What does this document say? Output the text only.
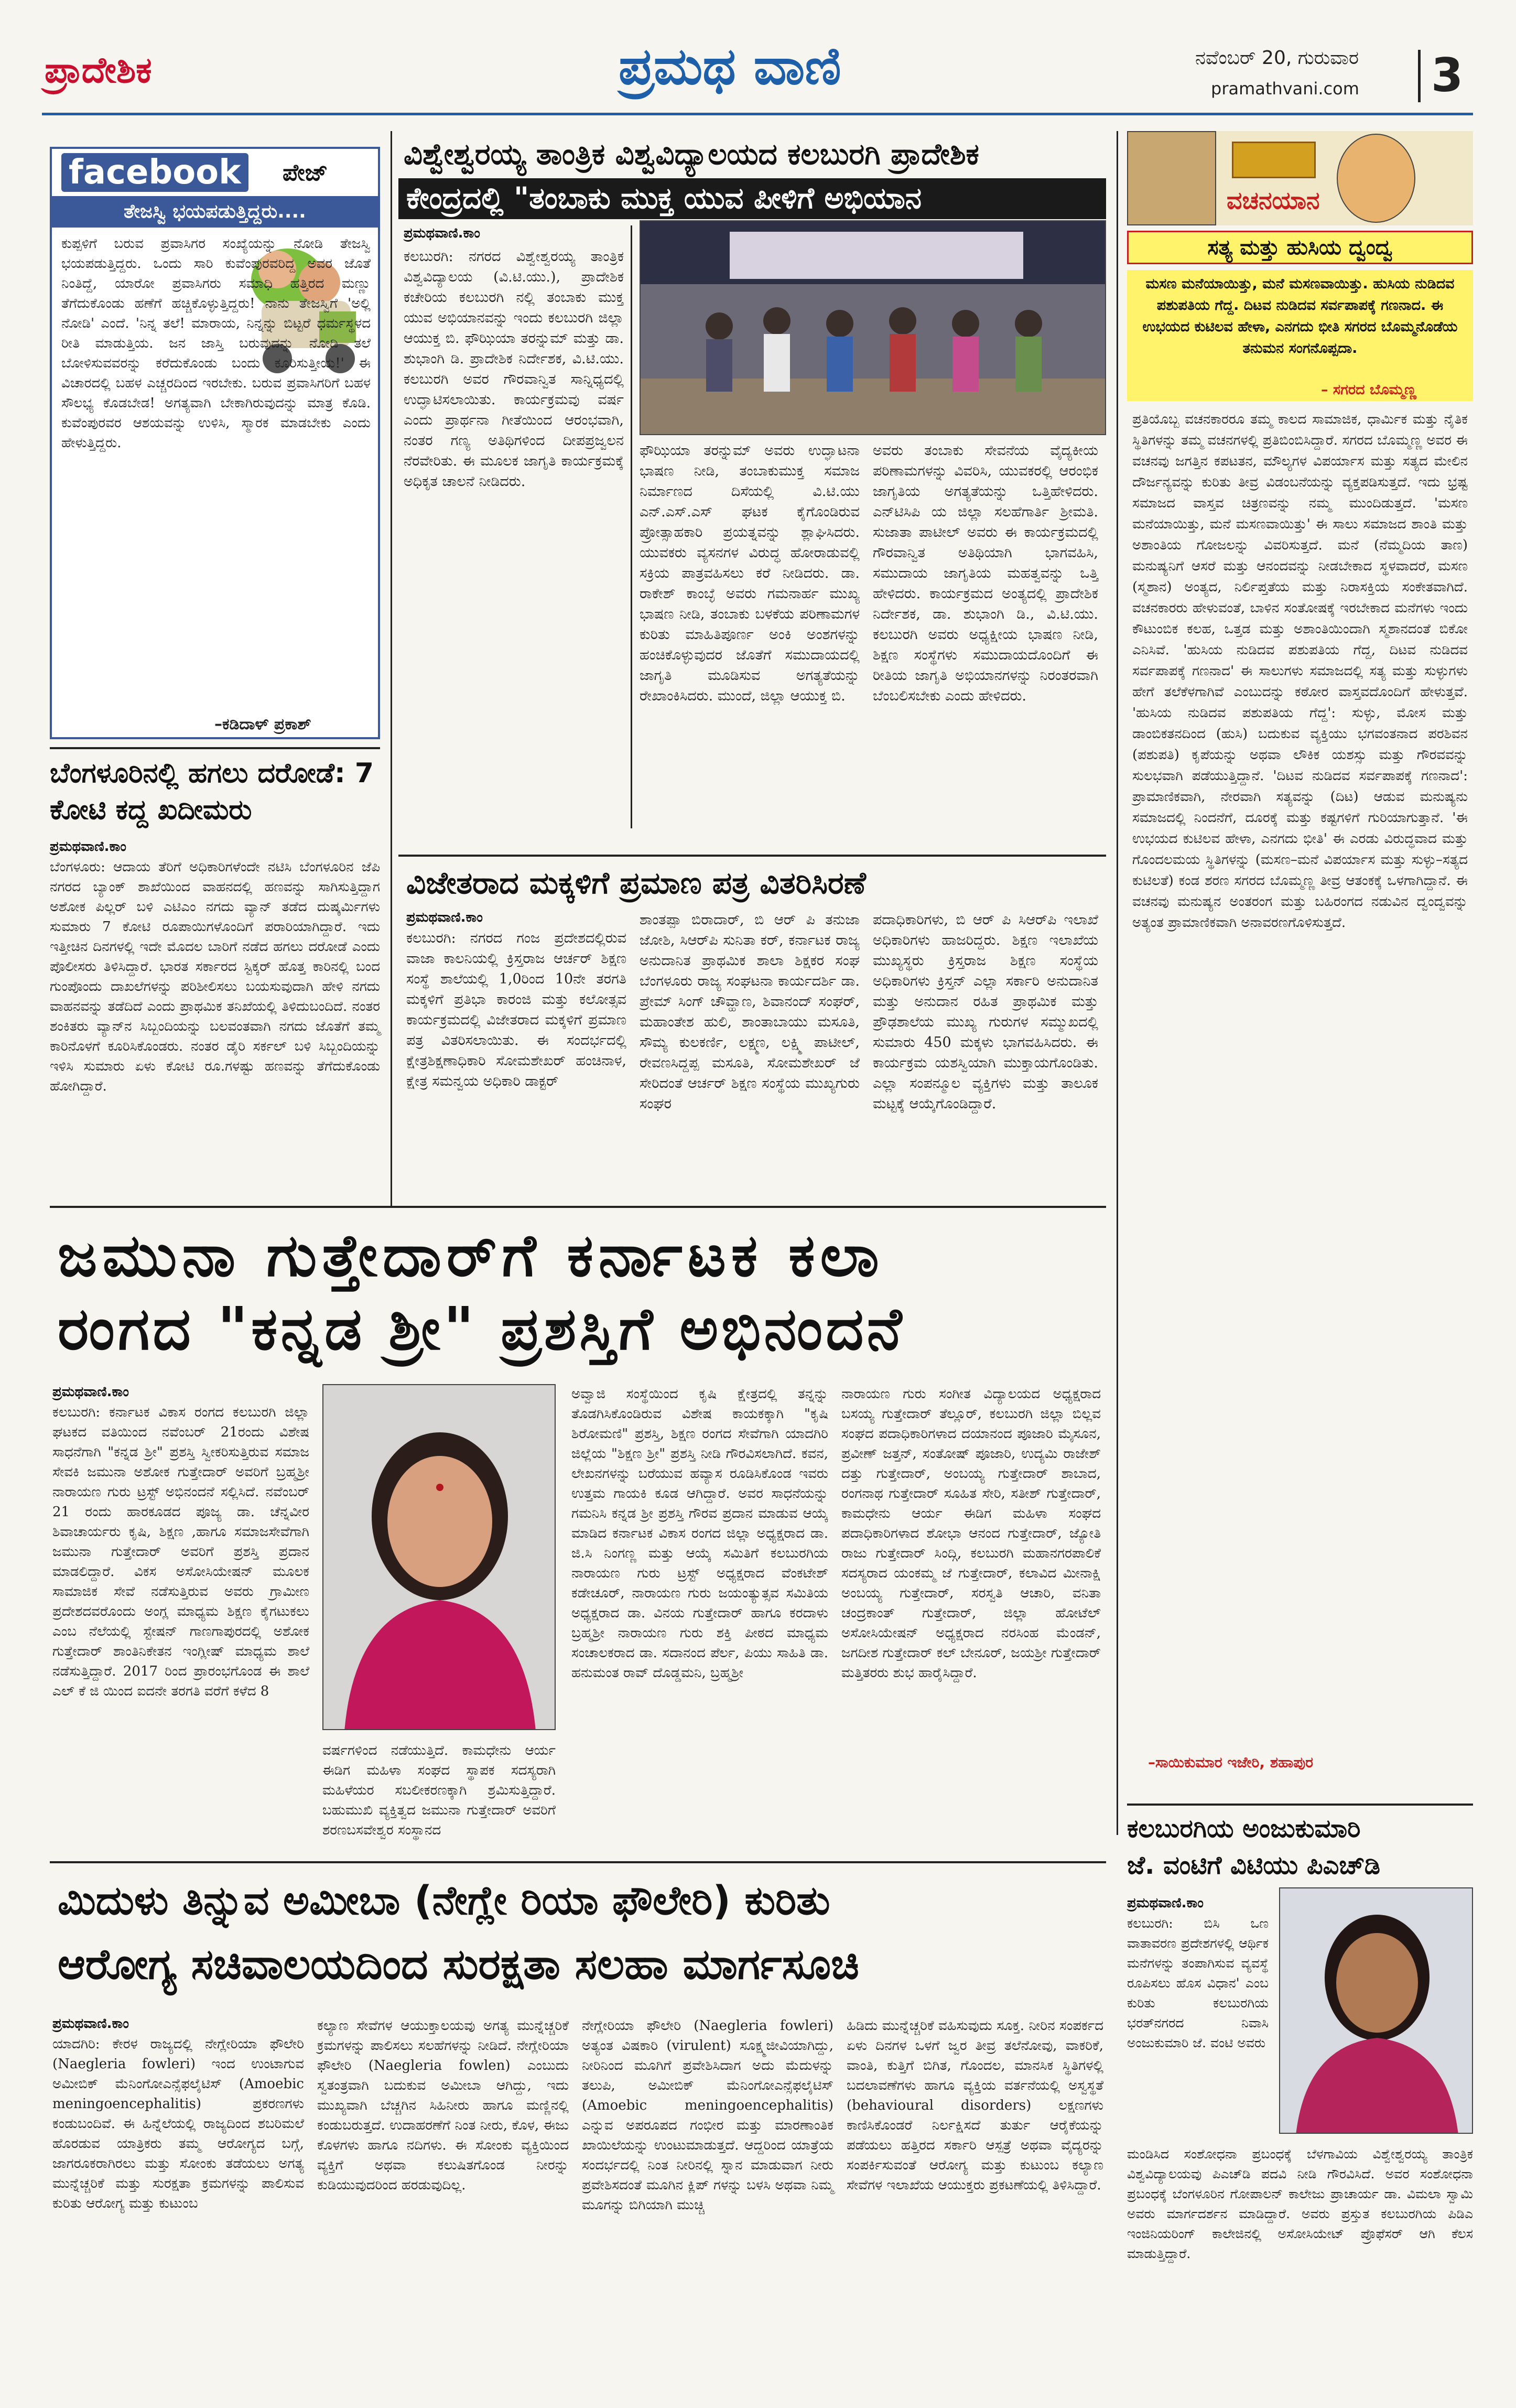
ಪ್ರಾದೇಶಿಕ	ಪ್ರಮಥ ವಾಣಿ	ನವೆಂಬರ್ 20, ಗುರುವಾರ
pramathvani.com 3
facebook	ಪೇಜ್
ತೇಜಸ್ವಿ ಭಯಪಡುತ್ತಿದ್ದರು....
ಕುಪ್ಪಳಿಗೆ ಬರುವ ಪ್ರವಾಸಿಗರ ಸಂಖ್ಯೆಯನ್ನು ನೋಡಿ ತೇಜಸ್ವಿ ಭಯಪಡುತ್ತಿದ್ದರು. ಒಂದು ಸಾರಿ ಕುವೆಂಪುರವರಿದ್ದ ಅವರ ಜೊತೆ ನಿಂತಿದ್ದೆ, ಯಾರೋ ಪ್ರವಾಸಿಗರು ಸಮಾಧಿ ಹತ್ತಿರದ ಮಣ್ಣು ತೆಗೆದುಕೊಂಡು ಹಣೆಗೆ ಹಚ್ಚಿಕೊಳ್ಳುತ್ತಿದ್ದರು! ನಾನು ತೇಜಸ್ವಿಗೆ 'ಅಲ್ಲಿ ನೋಡಿ' ಎಂದೆ. 'ನಿನ್ನ ತಲೆ! ಮಾರಾಯ, ನಿನ್ನನ್ನು ಬಿಟ್ಟರೆ ಧರ್ಮಸ್ಥಳದ ರೀತಿ ಮಾಡುತ್ತಿಯ. ಜನ ಜಾಸ್ತಿ ಬರುವುದನ್ನು ನೋಡಿ ತಲೆ ಬೋಳಿಸುವವರನ್ನು ಕರೆದುಕೊಂಡು ಬಂದು ಕೂರಿಸುತ್ತೀಯ!' ಈ ವಿಚಾರದಲ್ಲಿ ಬಹಳ ಎಚ್ಚರದಿಂದ ಇರಬೇಕು. ಬರುವ ಪ್ರವಾಸಿಗರಿಗೆ ಬಹಳ ಸೌಲಭ್ಯ ಕೊಡಬೇಡ! ಅಗತ್ಯವಾಗಿ ಬೇಕಾಗಿರುವುದನ್ನು ಮಾತ್ರ ಕೊಡಿ. ಕುವೆಂಪುರವರ ಆಶಯವನ್ನು ಉಳಿಸಿ, ಸ್ಮಾರಕ ಮಾಡಬೇಕು ಎಂದು ಹೇಳುತ್ತಿದ್ದರು.
–ಕಡಿದಾಳ್ ಪ್ರಕಾಶ್
ವಿಶ್ವೇಶ್ವರಯ್ಯ ತಾಂತ್ರಿಕ ವಿಶ್ವವಿದ್ಯಾಲಯದ ಕಲಬುರಗಿ ಪ್ರಾದೇಶಿಕ
ಕೇಂದ್ರದಲ್ಲಿ "ತಂಬಾಕು ಮುಕ್ತ ಯುವ ಪೀಳಿಗೆ ಅಭಿಯಾನ
ಪ್ರಮಥವಾಣಿ.ಕಾಂ
ಕಲಬುರಗಿ: ನಗರದ ವಿಶ್ವೇಶ್ವರಯ್ಯ ತಾಂತ್ರಿಕ ವಿಶ್ವವಿದ್ಯಾಲಯ (ವಿ.ಟಿ.ಯು.), ಪ್ರಾದೇಶಿಕ ಕಚೇರಿಯ ಕಲಬುರಗಿ ನಲ್ಲಿ ತಂಬಾಕು ಮುಕ್ತ ಯುವ ಅಭಿಯಾನವನ್ನು ಇಂದು ಕಲಬುರಗಿ ಜಿಲ್ಲಾ ಆಯುಕ್ತ ಬಿ. ಫೌಝಿಯಾ ತರನ್ನುಮ್ ಮತ್ತು ಡಾ. ಶುಭಾಂಗಿ ಡಿ. ಪ್ರಾದೇಶಿಕ ನಿರ್ದೇಶಕ, ವಿ.ಟಿ.ಯು. ಕಲಬುರಗಿ ಅವರ ಗೌರವಾನ್ವಿತ ಸಾನ್ನಿಧ್ಯದಲ್ಲಿ ಉದ್ಘಾಟಿಸಲಾಯಿತು. ಕಾರ್ಯಕ್ರಮವು ವರ್ಷ ಎಂದು ಪ್ರಾರ್ಥನಾ ಗೀತೆಯಿಂದ ಆರಂಭವಾಗಿ, ನಂತರ ಗಣ್ಯ ಅತಿಥಿಗಳಿಂದ ದೀಪಪ್ರಜ್ವಲನ ನೆರವೇರಿತು. ಈ ಮೂಲಕ ಜಾಗೃತಿ ಕಾರ್ಯಕ್ರಮಕ್ಕೆ ಅಧಿಕೃತ ಚಾಲನೆ ನೀಡಿದರು.
ಫೌಝಿಯಾ ತರನ್ನುಮ್ ಅವರು ಉದ್ಘಾಟನಾ ಭಾಷಣ ನೀಡಿ, ತಂಬಾಕುಮುಕ್ತ ಸಮಾಜ ನಿರ್ಮಾಣದ ದಿಸೆಯಲ್ಲಿ ವಿ.ಟಿ.ಯು ಎನ್.ಎಸ್.ಎಸ್ ಘಟಕ ಕೈಗೊಂಡಿರುವ ಪ್ರೋತ್ಸಾಹಕಾರಿ ಪ್ರಯತ್ನವನ್ನು ಶ್ಲಾಘಿಸಿದರು. ಯುವಕರು ವ್ಯಸನಗಳ ವಿರುದ್ಧ ಹೋರಾಡುವಲ್ಲಿ ಸಕ್ರಿಯ ಪಾತ್ರವಹಿಸಲು ಕರೆ ನೀಡಿದರು. ಡಾ. ರಾಕೇಶ್ ಕಾಂಬ್ಳೆ ಅವರು ಗಮನಾರ್ಹ ಮುಖ್ಯ ಭಾಷಣ ನೀಡಿ, ತಂಬಾಕು ಬಳಕೆಯ ಪರಿಣಾಮಗಳ ಕುರಿತು ಮಾಹಿತಿಪೂರ್ಣ ಅಂಕಿ ಅಂಶಗಳನ್ನು ಹಂಚಿಕೊಳ್ಳುವುದರ ಜೊತೆಗೆ ಸಮುದಾಯದಲ್ಲಿ ಜಾಗೃತಿ ಮೂಡಿಸುವ ಅಗತ್ಯತೆಯನ್ನು ರೇಖಾಂಕಿಸಿದರು. ಮುಂದೆ, ಜಿಲ್ಲಾ ಆಯುಕ್ತ ಬಿ.
ಅವರು ತಂಬಾಕು ಸೇವನೆಯ ವೈದ್ಯಕೀಯ ಪರಿಣಾಮಗಳನ್ನು ವಿವರಿಸಿ, ಯುವಕರಲ್ಲಿ ಆರಂಭಿಕ ಜಾಗೃತಿಯ ಅಗತ್ಯತೆಯನ್ನು ಒತ್ತಿಹೇಳಿದರು. ಎನ್‌ಟಿಸಿಪಿ ಯ ಜಿಲ್ಲಾ ಸಲಹೆಗಾರ್ತಿ ಶ್ರೀಮತಿ. ಸುಜಾತಾ ಪಾಟೀಲ್ ಅವರು ಈ ಕಾರ್ಯಕ್ರಮದಲ್ಲಿ ಗೌರವಾನ್ವಿತ ಅತಿಥಿಯಾಗಿ ಭಾಗವಹಿಸಿ, ಸಮುದಾಯ ಜಾಗೃತಿಯ ಮಹತ್ವವನ್ನು ಒತ್ತಿ ಹೇಳಿದರು. ಕಾರ್ಯಕ್ರಮದ ಅಂತ್ಯದಲ್ಲಿ ಪ್ರಾದೇಶಿಕ ನಿರ್ದೇಶಕ, ಡಾ. ಶುಭಾಂಗಿ ಡಿ., ವಿ.ಟಿ.ಯು. ಕಲಬುರಗಿ ಅವರು ಅಧ್ಯಕ್ಷೀಯ ಭಾಷಣ ನೀಡಿ, ಶಿಕ್ಷಣ ಸಂಸ್ಥೆಗಳು ಸಮುದಾಯದೊಂದಿಗೆ ಈ ರೀತಿಯ ಜಾಗೃತಿ ಅಭಿಯಾನಗಳನ್ನು ನಿರಂತರವಾಗಿ ಬೆಂಬಲಿಸಬೇಕು ಎಂದು ಹೇಳಿದರು.
ವಚನಯಾನ
ಸತ್ಯ ಮತ್ತು ಹುಸಿಯ ದ್ವಂದ್ವ
ಮಸಣ ಮನೆಯಾಯಿತ್ತು, ಮನೆ ಮಸಣವಾಯಿತ್ತು. ಹುಸಿಯ ನುಡಿದವ ಪಶುಪತಿಯ ಗೆದ್ದ. ದಿಟವ ನುಡಿದವ ಸರ್ವಪಾಪಕ್ಕೆ ಗಣನಾದ. ಈ ಉಭಯದ ಕುಟಿಲವ ಹೇಳಾ, ಎನಗದು ಭೀತಿ ಸಗರದ ಬೊಮ್ಮನೊಡೆಯ ತನುಮನ ಸಂಗನೊಪ್ಪದಾ.
– ಸಗರದ ಬೊಮ್ಮಣ್ಣ
ಪ್ರತಿಯೊಬ್ಬ ವಚನಕಾರರೂ ತಮ್ಮ ಕಾಲದ ಸಾಮಾಜಿಕ, ಧಾರ್ಮಿಕ ಮತ್ತು ನೈತಿಕ ಸ್ಥಿತಿಗಳನ್ನು ತಮ್ಮ ವಚನಗಳಲ್ಲಿ ಪ್ರತಿಬಿಂಬಿಸಿದ್ದಾರೆ. ಸಗರದ ಬೊಮ್ಮಣ್ಣ ಅವರ ಈ ವಚನವು ಜಗತ್ತಿನ ಕಪಟತನ, ಮೌಲ್ಯಗಳ ವಿಪರ್ಯಾಸ ಮತ್ತು ಸತ್ಯದ ಮೇಲಿನ ದೌರ್ಜನ್ಯವನ್ನು ಕುರಿತು ತೀವ್ರ ವಿಡಂಬನೆಯನ್ನು ವ್ಯಕ್ತಪಡಿಸುತ್ತದೆ. ಇದು ಭ್ರಷ್ಟ ಸಮಾಜದ ವಾಸ್ತವ ಚಿತ್ರಣವನ್ನು ನಮ್ಮ ಮುಂದಿಡುತ್ತದೆ. 'ಮಸಣ ಮನೆಯಾಯಿತ್ತು, ಮನೆ ಮಸಣವಾಯಿತ್ತು' ಈ ಸಾಲು ಸಮಾಜದ ಶಾಂತಿ ಮತ್ತು ಅಶಾಂತಿಯ ಗೋಜಲನ್ನು ವಿವರಿಸುತ್ತದೆ. ಮನೆ (ನೆಮ್ಮದಿಯ ತಾಣ) ಮನುಷ್ಯನಿಗೆ ಆಸರೆ ಮತ್ತು ಆನಂದವನ್ನು ನೀಡಬೇಕಾದ ಸ್ಥಳವಾದರೆ, ಮಸಣ (ಸ್ಮಶಾನ) ಅಂತ್ಯದ, ನಿರ್ಲಿಪ್ತತೆಯ ಮತ್ತು ನಿರಾಸಕ್ತಿಯ ಸಂಕೇತವಾಗಿದೆ. ವಚನಕಾರರು ಹೇಳುವಂತೆ, ಬಾಳಿನ ಸಂತೋಷಕ್ಕೆ ಇರಬೇಕಾದ ಮನೆಗಳು ಇಂದು ಕೌಟುಂಬಿಕ ಕಲಹ, ಒತ್ತಡ ಮತ್ತು ಅಶಾಂತಿಯಿಂದಾಗಿ ಸ್ಮಶಾನದಂತೆ ಬಿಕೋ ಎನಿಸಿವೆ. 'ಹುಸಿಯ ನುಡಿದವ ಪಶುಪತಿಯ ಗೆದ್ದ, ದಿಟವ ನುಡಿದವ ಸರ್ವಪಾಪಕ್ಕೆ ಗಣನಾದ' ಈ ಸಾಲುಗಳು ಸಮಾಜದಲ್ಲಿ ಸತ್ಯ ಮತ್ತು ಸುಳ್ಳುಗಳು ಹೇಗೆ ತಲೆಕೆಳಗಾಗಿವೆ ಎಂಬುದನ್ನು ಕಠೋರ ವಾಸ್ತವದೊಂದಿಗೆ ಹೇಳುತ್ತವೆ. 'ಹುಸಿಯ ನುಡಿದವ ಪಶುಪತಿಯ ಗೆದ್ದ': ಸುಳ್ಳು, ಮೋಸ ಮತ್ತು ಡಾಂಬಿಕತನದಿಂದ (ಹುಸಿ) ಬದುಕುವ ವ್ಯಕ್ತಿಯು ಭಗವಂತನಾದ ಪರಶಿವನ (ಪಶುಪತಿ) ಕೃಪೆಯನ್ನು ಅಥವಾ ಲೌಕಿಕ ಯಶಸ್ಸು ಮತ್ತು ಗೌರವವನ್ನು ಸುಲಭವಾಗಿ ಪಡೆಯುತ್ತಿದ್ದಾನೆ. 'ದಿಟವ ನುಡಿದವ ಸರ್ವಪಾಪಕ್ಕೆ ಗಣನಾದ': ಪ್ರಾಮಾಣಿಕವಾಗಿ, ನೇರವಾಗಿ ಸತ್ಯವನ್ನು (ದಿಟ) ಆಡುವ ಮನುಷ್ಯನು ಸಮಾಜದಲ್ಲಿ ನಿಂದನೆಗೆ, ದೂರಕ್ಕೆ ಮತ್ತು ಕಷ್ಟಗಳಿಗೆ ಗುರಿಯಾಗುತ್ತಾನೆ. 'ಈ ಉಭಯದ ಕುಟಿಲವ ಹೇಳಾ, ಎನಗದು ಭೀತಿ' ಈ ಎರಡು ವಿರುದ್ಧವಾದ ಮತ್ತು ಗೊಂದಲಮಯ ಸ್ಥಿತಿಗಳನ್ನು (ಮಸಣ–ಮನೆ ವಿಪರ್ಯಾಸ ಮತ್ತು ಸುಳ್ಳು–ಸತ್ಯದ ಕುಟಿಲತೆ) ಕಂಡ ಶರಣ ಸಗರದ ಬೊಮ್ಮಣ್ಣ ತೀವ್ರ ಆತಂಕಕ್ಕೆ ಒಳಗಾಗಿದ್ದಾನೆ. ಈ ವಚನವು ಮನುಷ್ಯನ ಅಂತರಂಗ ಮತ್ತು ಬಹಿರಂಗದ ನಡುವಿನ ದ್ವಂದ್ವವನ್ನು ಅತ್ಯಂತ ಪ್ರಾಮಾಣಿಕವಾಗಿ ಅನಾವರಣಗೊಳಿಸುತ್ತದೆ.
–ಸಾಯಿಕುಮಾರ ಇಜೇರಿ, ಶಹಾಪುರ
ಬೆಂಗಳೂರಿನಲ್ಲಿ ಹಗಲು ದರೋಡೆ: 7 ಕೋಟಿ ಕದ್ದ ಖದೀಮರು
ಪ್ರಮಥವಾಣಿ.ಕಾಂ
ಬೆಂಗಳೂರು: ಆದಾಯ ತೆರಿಗೆ ಅಧಿಕಾರಿಗಳೆಂದೇ ನಟಿಸಿ ಬೆಂಗಳೂರಿನ ಜೆಪಿ ನಗರದ ಬ್ಯಾಂಕ್ ಶಾಖೆಯಿಂದ ವಾಹನದಲ್ಲಿ ಹಣವನ್ನು ಸಾಗಿಸುತ್ತಿದ್ದಾಗ ಅಶೋಕ ಪಿಲ್ಲರ್ ಬಳಿ ಎಟಿಎಂ ನಗದು ವ್ಯಾನ್ ತಡೆದ ದುಷ್ಕರ್ಮಿಗಳು ಸುಮಾರು 7 ಕೋಟಿ ರೂಪಾಯಿಗಳೊಂದಿಗೆ ಪರಾರಿಯಾಗಿದ್ದಾರೆ. ಇದು ಇತ್ತೀಚಿನ ದಿನಗಳಲ್ಲಿ ಇದೇ ಮೊದಲ ಬಾರಿಗೆ ನಡೆದ ಹಗಲು ದರೋಡೆ ಎಂದು ಪೊಲೀಸರು ತಿಳಿಸಿದ್ದಾರೆ. ಭಾರತ ಸರ್ಕಾರದ ಸ್ಟಿಕ್ಕರ್ ಹೊತ್ತ ಕಾರಿನಲ್ಲಿ ಬಂದ ಗುಂಪೊಂದು ದಾಖಲೆಗಳನ್ನು ಪರಿಶೀಲಿಸಲು ಬಯಸುವುದಾಗಿ ಹೇಳಿ ನಗದು ವಾಹನವನ್ನು ತಡೆದಿದೆ ಎಂದು ಪ್ರಾಥಮಿಕ ತನಿಖೆಯಲ್ಲಿ ತಿಳಿದುಬಂದಿದೆ. ನಂತರ ಶಂಕಿತರು ವ್ಯಾನ್‌ನ ಸಿಬ್ಬಂದಿಯನ್ನು ಬಲವಂತವಾಗಿ ನಗದು ಜೊತೆಗೆ ತಮ್ಮ ಕಾರಿನೊಳಗೆ ಕೂರಿಸಿಕೊಂಡರು. ನಂತರ ಡೈರಿ ಸರ್ಕಲ್ ಬಳಿ ಸಿಬ್ಬಂದಿಯನ್ನು ಇಳಿಸಿ ಸುಮಾರು ಏಳು ಕೋಟಿ ರೂ.ಗಳಷ್ಟು ಹಣವನ್ನು ತೆಗೆದುಕೊಂಡು ಹೋಗಿದ್ದಾರೆ.
ವಿಜೇತರಾದ ಮಕ್ಕಳಿಗೆ ಪ್ರಮಾಣ ಪತ್ರ ವಿತರಿಸಿರಣೆ
ಪ್ರಮಥವಾಣಿ.ಕಾಂ
ಕಲಬುರಗಿ: ನಗರದ ಗಂಜ ಪ್ರದೇಶದಲ್ಲಿರುವ ವಾಜಾ ಕಾಲನಿಯಲ್ಲಿ ಕ್ರಿಸ್ತರಾಜ ಆರ್ಚರ್ ಶಿಕ್ಷಣ ಸಂಸ್ಥೆ ಶಾಲೆಯಲ್ಲಿ 1,0ರಿಂದ 10ನೇ ತರಗತಿ ಮಕ್ಕಳಿಗೆ ಪ್ರತಿಭಾ ಕಾರಂಜಿ ಮತ್ತು ಕಲೋತ್ಸವ ಕಾರ್ಯಕ್ರಮದಲ್ಲಿ ವಿಜೇತರಾದ ಮಕ್ಕಳಿಗೆ ಪ್ರಮಾಣ ಪತ್ರ ವಿತರಿಸಲಾಯಿತು. ಈ ಸಂದರ್ಭದಲ್ಲಿ ಕ್ಷೇತ್ರಶಿಕ್ಷಣಾಧಿಕಾರಿ ಸೋಮಶೇಖರ್ ಹಂಚಿನಾಳ, ಕ್ಷೇತ್ರ ಸಮನ್ವಯ ಅಧಿಕಾರಿ ಡಾಕ್ಟರ್
ಶಾಂತಪ್ಪಾ ಬಿರಾದಾರ್, ಬಿ ಆರ್ ಪಿ ತನುಜಾ ಜೋಶಿ, ಸಿಆರ್‌ಪಿ ಸುನಿತಾ ಕರ್, ಕರ್ನಾಟಕ ರಾಜ್ಯ ಅನುದಾನಿತ ಪ್ರಾಥಮಿಕ ಶಾಲಾ ಶಿಕ್ಷಕರ ಸಂಘ ಬೆಂಗಳೂರು ರಾಜ್ಯ ಸಂಘಟನಾ ಕಾರ್ಯದರ್ಶಿ ಡಾ. ಪ್ರೇಮ್ ಸಿಂಗ್ ಚೌವ್ಹಾಣ, ಶಿವಾನಂದ್ ಸಂಘರ್, ಮಹಾಂತೇಶ ಹುಲಿ, ಶಾಂತಾಬಾಯು ಮಸೂತಿ, ಸೌಮ್ಯ ಕುಲಕರ್ಣಿ, ಲಕ್ಷ್ಮಣ, ಲಕ್ಷ್ಮಿ ಪಾಟೀಲ್, ರೇವಣಸಿದ್ದಪ್ಪ ಮಸೂತಿ, ಸೋಮಶೇಖರ್ ಜೆ ಸೇರಿದಂತೆ ಆರ್ಚರ್ ಶಿಕ್ಷಣ ಸಂಸ್ಥೆಯ ಮುಖ್ಯಗುರು ಸಂಘರ
ಪದಾಧಿಕಾರಿಗಳು, ಬಿ ಆರ್ ಪಿ ಸಿಆರ್‌ಪಿ ಇಲಾಖೆ ಅಧಿಕಾರಿಗಳು ಹಾಜರಿದ್ದರು. ಶಿಕ್ಷಣ ಇಲಾಖೆಯ ಮುಖ್ಯಸ್ಥರು ಕ್ರಿಸ್ತರಾಜ ಶಿಕ್ಷಣ ಸಂಸ್ಥೆಯ ಅಧಿಕಾರಿಗಳು ಕ್ರಿಸ್ತನ್ ಎಲ್ಲಾ ಸರ್ಕಾರಿ ಅನುದಾನಿತ ಮತ್ತು ಅನುದಾನ ರಹಿತ ಪ್ರಾಥಮಿಕ ಮತ್ತು ಪ್ರೌಢಶಾಲೆಯ ಮುಖ್ಯ ಗುರುಗಳ ಸಮ್ಮುಖದಲ್ಲಿ ಸುಮಾರು 450 ಮಕ್ಕಳು ಭಾಗವಹಿಸಿದರು. ಈ ಕಾರ್ಯಕ್ರಮ ಯಶಸ್ವಿಯಾಗಿ ಮುಕ್ತಾಯಗೊಂಡಿತು. ಎಲ್ಲಾ ಸಂಪನ್ಮೂಲ ವ್ಯಕ್ತಿಗಳು ಮತ್ತು ತಾಲೂಕ ಮಟ್ಟಕ್ಕೆ ಆಯ್ಕೆಗೊಂಡಿದ್ದಾರೆ.
ಜಮುನಾ ಗುತ್ತೇದಾರ್‌ಗೆ ಕರ್ನಾಟಕ ಕಲಾ
ರಂಗದ "ಕನ್ನಡ ಶ್ರೀ" ಪ್ರಶಸ್ತಿಗೆ ಅಭಿನಂದನೆ
ಪ್ರಮಥವಾಣಿ.ಕಾಂ
ಕಲಬುರಗಿ: ಕರ್ನಾಟಕ ವಿಕಾಸ ರಂಗದ ಕಲಬುರಗಿ ಜಿಲ್ಲಾ ಘಟಕದ ವತಿಯಿಂದ ನವೆಂಬರ್ 21ರಂದು ವಿಶೇಷ ಸಾಧನೆಗಾಗಿ "ಕನ್ನಡ ಶ್ರೀ" ಪ್ರಶಸ್ತಿ ಸ್ವೀಕರಿಸುತ್ತಿರುವ ಸಮಾಜ ಸೇವಕಿ ಜಮುನಾ ಅಶೋಕ ಗುತ್ತೇದಾರ್ ಅವರಿಗೆ ಬ್ರಹ್ಮಶ್ರೀ ನಾರಾಯಣ ಗುರು ಟ್ರಸ್ಟ್ ಅಭಿನಂದನೆ ಸಲ್ಲಿಸಿದೆ. ನವೆಂಬರ್ 21 ರಂದು ಹಾರಕೂಡದ ಪೂಜ್ಯ ಡಾ. ಚೆನ್ನವೀರ ಶಿವಾಚಾರ್ಯರು ಕೃಷಿ, ಶಿಕ್ಷಣ ,ಹಾಗೂ ಸಮಾಜಸೇವೆಗಾಗಿ ಜಮುನಾ ಗುತ್ತೇದಾರ್ ಅವರಿಗೆ ಪ್ರಶಸ್ತಿ ಪ್ರದಾನ ಮಾಡಲಿದ್ದಾರೆ. ವಿಕಸ ಅಸೋಸಿಯೇಷನ್ ಮೂಲಕ ಸಾಮಾಜಿಕ ಸೇವೆ ನಡೆಸುತ್ತಿರುವ ಅವರು ಗ್ರಾಮೀಣ ಪ್ರದೇಶದವರೊಂದು ಅಂಗ್ಲ ಮಾಧ್ಯಮ ಶಿಕ್ಷಣ ಕೈಗಟುಕಲು ಎಂಬ ನೆಲೆಯಲ್ಲಿ ಸ್ಟೇಷನ್ ಗಾಣಗಾಪುರದಲ್ಲಿ ಅಶೋಕ ಗುತ್ತೇದಾರ್ ಶಾಂತಿನಿಕೇತನ ಇಂಗ್ಲೀಷ್ ಮಾಧ್ಯಮ ಶಾಲೆ ನಡೆಸುತ್ತಿದ್ದಾರೆ. 2017 ರಿಂದ ಪ್ರಾರಂಭಗೊಂಡ ಈ ಶಾಲೆ ಎಲ್ ಕೆ ಜಿ ಯಿಂದ ಐದನೇ ತರಗತಿ ವರೆಗೆ ಕಳೆದ 8
ವರ್ಷಗಳಿಂದ ನಡೆಯುತ್ತಿದೆ. ಕಾಮಧೇನು ಆರ್ಯ ಈಡಿಗ ಮಹಿಳಾ ಸಂಘದ ಸ್ಥಾಪಕ ಸದಸ್ಯರಾಗಿ ಮಹಿಳೆಯರ ಸಬಲೀಕರಣಕ್ಕಾಗಿ ಶ್ರಮಿಸುತ್ತಿದ್ದಾರೆ. ಬಹುಮುಖಿ ವ್ಯಕ್ತಿತ್ವದ ಜಮುನಾ ಗುತ್ತೇದಾರ್ ಅವರಿಗೆ ಶರಣಬಸವೇಶ್ವರ ಸಂಸ್ಥಾನದ
ಅವ್ವಾಜಿ ಸಂಸ್ಥೆಯಿಂದ ಕೃಷಿ ಕ್ಷೇತ್ರದಲ್ಲಿ ತನ್ನನ್ನು ತೊಡಗಿಸಿಕೊಂಡಿರುವ ವಿಶೇಷ ಕಾಯಕಕ್ಕಾಗಿ "ಕೃಷಿ ಶಿರೋಮಣಿ" ಪ್ರಶಸ್ತಿ, ಶಿಕ್ಷಣ ರಂಗದ ಸೇವೆಗಾಗಿ ಯಾದಗಿರಿ ಜಿಲ್ಲೆಯ "ಶಿಕ್ಷಣ ಶ್ರೀ" ಪ್ರಶಸ್ತಿ ನೀಡಿ ಗೌರವಿಸಲಾಗಿದೆ. ಕವನ, ಲೇಖನಗಳನ್ನು ಬರೆಯುವ ಹವ್ಯಾಸ ರೂಡಿಸಿಕೊಂಡ ಇವರು ಉತ್ತಮ ಗಾಯಕಿ ಕೂಡ ಆಗಿದ್ದಾರೆ. ಅವರ ಸಾಧನೆಯನ್ನು ಗಮನಿಸಿ ಕನ್ನಡ ಶ್ರೀ ಪ್ರಶಸ್ತಿ ಗೌರವ ಪ್ರದಾನ ಮಾಡುವ ಆಯ್ಕೆ ಮಾಡಿದ ಕರ್ನಾಟಕ ವಿಕಾಸ ರಂಗದ ಜಿಲ್ಲಾ ಅಧ್ಯಕ್ಷರಾದ ಡಾ. ಜಿ.ಸಿ ನಿಂಗಣ್ಣ ಮತ್ತು ಆಯ್ಕೆ ಸಮಿತಿಗೆ ಕಲಬುರಗಿಯ ನಾರಾಯಣ ಗುರು ಟ್ರಸ್ಟ್ ಅಧ್ಯಕ್ಷರಾದ ವೆಂಕಟೇಶ್ ಕಡೇಚೂರ್, ನಾರಾಯಣ ಗುರು ಜಯಂತ್ಯುತ್ಸವ ಸಮಿತಿಯ ಅಧ್ಯಕ್ಷರಾದ ಡಾ. ವಿನಯ ಗುತ್ತೇದಾರ್ ಹಾಗೂ ಕರದಾಳು ಬ್ರಹ್ಮಶ್ರೀ ನಾರಾಯಣ ಗುರು ಶಕ್ತಿ ಪೀಠದ ಮಾಧ್ಯಮ ಸಂಚಾಲಕರಾದ ಡಾ. ಸದಾನಂದ ಪೆರ್ಲ, ಪಿಯು ಸಾಹಿತಿ ಡಾ. ಹನುಮಂತ ರಾವ್ ದೊಡ್ಡಮನಿ, ಬ್ರಹ್ಮಶ್ರೀ
ನಾರಾಯಣ ಗುರು ಸಂಗೀತ ವಿದ್ಯಾಲಯದ ಅಧ್ಯಕ್ಷರಾದ ಬಸಯ್ಯ ಗುತ್ತೇದಾರ್ ತೆಲ್ಲೂರ್, ಕಲಬುರಗಿ ಜಿಲ್ಲಾ ಬಿಲ್ಲವ ಸಂಘದ ಪದಾಧಿಕಾರಿಗಳಾದ ದಯಾನಂದ ಪೂಜಾರಿ ಮೈಸೂನ, ಪ್ರವೀಣ್ ಜತ್ತನ್, ಸಂತೋಷ್ ಪೂಜಾರಿ, ಉದ್ಯಮಿ ರಾಜೇಶ್ ದತ್ತು ಗುತ್ತೇದಾರ್, ಅಂಬಯ್ಯ ಗುತ್ತೇದಾರ್ ಶಾಬಾದ, ರಂಗನಾಥ ಗುತ್ತೇದಾರ್ ಸೂಹಿತ ಸೇರಿ, ಸತೀಶ್ ಗುತ್ತೇದಾರ್, ಕಾಮಧೇನು ಆರ್ಯ ಈಡಿಗ ಮಹಿಳಾ ಸಂಘದ ಪದಾಧಿಕಾರಿಗಳಾದ ಶೋಭಾ ಆನಂದ ಗುತ್ತೇದಾರ್, ಜ್ಯೋತಿ ರಾಜು ಗುತ್ತೇದಾರ್ ಸಿಂದ್ಗಿ, ಕಲಬುರಗಿ ಮಹಾನಗರಪಾಲಿಕೆ ಸದಸ್ಯರಾದ ಯಂಕಮ್ಮ ಜೆ ಗುತ್ತೇದಾರ್, ಕಲಾವಿದ ಮೀನಾಕ್ಷಿ ಅಂಬಯ್ಯ ಗುತ್ತೇದಾರ್, ಸರಸ್ವತಿ ಆಚಾರಿ, ವನಿತಾ ಚಂದ್ರಕಾಂತ್ ಗುತ್ತೇದಾರ್, ಜಿಲ್ಲಾ ಹೋಟೆಲ್ ಅಸೋಸಿಯೇಷನ್ ಅಧ್ಯಕ್ಷರಾದ ನರಸಿಂಹ ಮೆಂಡನ್, ಜಗದೀಶ ಗುತ್ತೇದಾರ್ ಕಲ್ ಬೇನೂರ್, ಜಯಶ್ರೀ ಗುತ್ತೇದಾರ್ ಮತ್ತಿತರರು ಶುಭ ಹಾರೈಸಿದ್ದಾರೆ.
ಕಲಬುರಗಿಯ ಅಂಜುಕುಮಾರಿ
ಜೆ. ವಂಟಿಗೆ ವಿಟಿಯು ಪಿಎಚ್‌ಡಿ
ಪ್ರಮಥವಾಣಿ.ಕಾಂ
ಕಲಬುರಗಿ: ಬಿಸಿ ಒಣ ವಾತಾವರಣ ಪ್ರದೇಶಗಳಲ್ಲಿ ಆರ್ಥಿಕ ಮನೆಗಳನ್ನು ತಂಪಾಗಿಸುವ ವ್ಯವಸ್ಥೆ ರೂಪಿಸಲು ಹೊಸ ವಿಧಾನ' ಎಂಬ ಕುರಿತು ಕಲಬುರಗಿಯ ಭರತ್‌ನಗರದ ನಿವಾಸಿ ಅಂಜುಕುಮಾರಿ ಜೆ. ವಂಟಿ ಅವರು
ಮಂಡಿಸಿದ ಸಂಶೋಧನಾ ಪ್ರಬಂಧಕ್ಕೆ ಬೆಳಗಾವಿಯ ವಿಶ್ವೇಶ್ವರಯ್ಯ ತಾಂತ್ರಿಕ ವಿಶ್ವವಿದ್ಯಾಲಯವು ಪಿಎಚ್‌ಡಿ ಪದವಿ ನೀಡಿ ಗೌರವಿಸಿದೆ. ಅವರ ಸಂಶೋಧನಾ ಪ್ರಬಂಧಕ್ಕೆ ಬೆಂಗಳೂರಿನ ಗೋಪಾಲನ್ ಕಾಲೇಜು ಪ್ರಾಚಾರ್ಯ ಡಾ. ವಿಮಲಾ ಸ್ವಾಮಿ ಅವರು ಮಾರ್ಗದರ್ಶನ ಮಾಡಿದ್ದಾರೆ. ಅವರು ಪ್ರಸ್ತುತ ಕಲಬುರಗಿಯ ಪಿಡಿಎ ಇಂಜಿನಿಯರಿಂಗ್ ಕಾಲೇಜಿನಲ್ಲಿ ಅಸೋಸಿಯೇಟ್ ಪ್ರೊಫೆಸರ್ ಆಗಿ ಕೆಲಸ ಮಾಡುತ್ತಿದ್ದಾರೆ.
ಮಿದುಳು ತಿನ್ನುವ ಅಮೀಬಾ (ನೇಗ್ಲೇ ರಿಯಾ ಫೌಲೇರಿ) ಕುರಿತು
ಆರೋಗ್ಯ ಸಚಿವಾಲಯದಿಂದ ಸುರಕ್ಷತಾ ಸಲಹಾ ಮಾರ್ಗಸೂಚಿ
ಪ್ರಮಥವಾಣಿ.ಕಾಂ
ಯಾದಗಿರಿ: ಕೇರಳ ರಾಜ್ಯದಲ್ಲಿ ನೇಗ್ಲೇರಿಯಾ ಫೌಲೇರಿ (Naegleria fowleri) ಇಂದ ಉಂಟಾಗುವ ಅಮೀಬಿಕ್ ಮೆನಿಂಗೋಎನ್ಸೆಫಲೈಟಿಸ್ (Amoebic meningoencephalitis) ಪ್ರಕರಣಗಳು ಕಂಡುಬಂದಿವೆ. ಈ ಹಿನ್ನೆಲೆಯಲ್ಲಿ ರಾಜ್ಯದಿಂದ ಶಬರಿಮಲೆ ಹೊರಡುವ ಯಾತ್ರಿಕರು ತಮ್ಮ ಆರೋಗ್ಯದ ಬಗ್ಗೆ, ಜಾಗರೂಕರಾಗಿರಲು ಮತ್ತು ಸೋಂಕು ತಡೆಯಲು ಅಗತ್ಯ ಮುನ್ನೆಚ್ಚರಿಕೆ ಮತ್ತು ಸುರಕ್ಷತಾ ಕ್ರಮಗಳನ್ನು ಪಾಲಿಸುವ ಕುರಿತು ಆರೋಗ್ಯ ಮತ್ತು ಕುಟುಂಬ
ಕಲ್ಯಾಣ ಸೇವೆಗಳ ಆಯುಕ್ತಾಲಯವು ಅಗತ್ಯ ಮುನ್ನೆಚ್ಚರಿಕೆ ಕ್ರಮಗಳನ್ನು ಪಾಲಿಸಲು ಸಲಹೆಗಳನ್ನು ನೀಡಿದೆ. ನೇಗ್ಲೇರಿಯಾ ಫೌಲೇರಿ (Naegleria fowlen) ಎಂಬುದು ಸ್ವತಂತ್ರವಾಗಿ ಬದುಕುವ ಅಮೀಬಾ ಆಗಿದ್ದು, ಇದು ಮುಖ್ಯವಾಗಿ ಬೆಚ್ಚಗಿನ ಸಿಹಿನೀರು ಹಾಗೂ ಮಣ್ಣಿನಲ್ಲಿ ಕಂಡುಬರುತ್ತದೆ. ಉದಾಹರಣೆಗೆ ನಿಂತ ನೀರು, ಕೊಳ, ಈಜು ಕೊಳಗಳು ಹಾಗೂ ನದಿಗಳು. ಈ ಸೋಂಕು ವ್ಯಕ್ತಿಯಿಂದ ವ್ಯಕ್ತಿಗೆ ಅಥವಾ ಕಲುಷಿತಗೊಂಡ ನೀರನ್ನು ಕುಡಿಯುವುದರಿಂದ ಹರಡುವುದಿಲ್ಲ.
ನೇಗ್ಲೇರಿಯಾ ಫೌಲೇರಿ (Naegleria fowleri) ಅತ್ಯಂತ ವಿಷಕಾರಿ (virulent) ಸೂಕ್ಷ್ಮಜೀವಿಯಾಗಿದ್ದು, ನೀರಿನಿಂದ ಮೂಗಿಗೆ ಪ್ರವೇಶಿಸಿದಾಗ ಅದು ಮೆದುಳನ್ನು ತಲುಪಿ, ಅಮೀಬಿಕ್ ಮೆನಿಂಗೋಎನ್ಸೆಫಲೈಟಿಸ್ (Amoebic meningoencephalitis) ಎನ್ನುವ ಅಪರೂಪದ ಗಂಭೀರ ಮತ್ತು ಮಾರಣಾಂತಿಕ ಖಾಯಿಲೆಯನ್ನು ಉಂಟುಮಾಡುತ್ತದೆ. ಆದ್ದರಿಂದ ಯಾತ್ರೆಯ ಸಂದರ್ಭದಲ್ಲಿ ನಿಂತ ನೀರಿನಲ್ಲಿ ಸ್ನಾನ ಮಾಡುವಾಗ ನೀರು ಪ್ರವೇಶಿಸದಂತೆ ಮೂಗಿನ ಕ್ಲಿಪ್ ಗಳನ್ನು ಬಳಸಿ ಅಥವಾ ನಿಮ್ಮ ಮೂಗನ್ನು ಬಿಗಿಯಾಗಿ ಮುಚ್ಚಿ
ಹಿಡಿದು ಮುನ್ನೆಚ್ಚರಿಕೆ ವಹಿಸುವುದು ಸೂಕ್ತ. ನೀರಿನ ಸಂಪರ್ಕದ ಏಳು ದಿನಗಳ ಒಳಗೆ ಜ್ವರ ತೀವ್ರ ತಲೆನೋವು, ವಾಕರಿಕೆ, ವಾಂತಿ, ಕುತ್ತಿಗೆ ಬಿಗಿತ, ಗೊಂದಲ, ಮಾನಸಿಕ ಸ್ಥಿತಿಗಳಲ್ಲಿ ಬದಲಾವಣೆಗಳು ಹಾಗೂ ವ್ಯಕ್ತಿಯ ವರ್ತನೆಯಲ್ಲಿ ಅಸ್ವಸ್ಥತೆ (behavioural disorders) ಲಕ್ಷಣಗಳು ಕಾಣಿಸಿಕೊಂಡರೆ ನಿರ್ಲಕ್ಷಿಸದೆ ತುರ್ತು ಆರೈಕೆಯನ್ನು ಪಡೆಯಲು ಹತ್ತಿರದ ಸರ್ಕಾರಿ ಆಸ್ಪತ್ರೆ ಅಥವಾ ವೈದ್ಯರನ್ನು ಸಂಪರ್ಕಿಸುವಂತೆ ಆರೋಗ್ಯ ಮತ್ತು ಕುಟುಂಬ ಕಲ್ಯಾಣ ಸೇವೆಗಳ ಇಲಾಖೆಯ ಆಯುಕ್ತರು ಪ್ರಕಟಣೆಯಲ್ಲಿ ತಿಳಿಸಿದ್ದಾರೆ.
